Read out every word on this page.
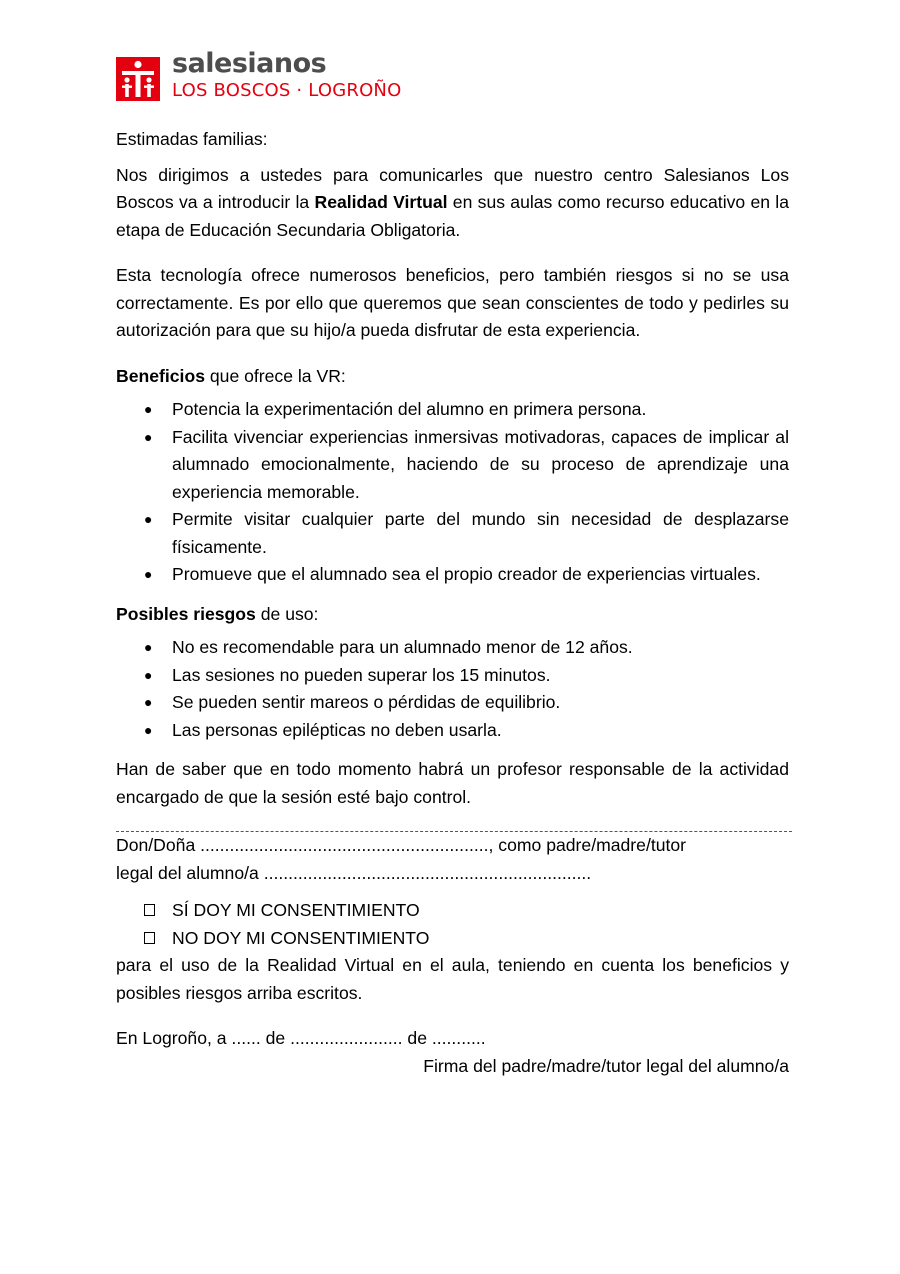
salesianos
LOS BOSCOS · LOGROÑO

Estimadas familias:

Nos dirigimos a ustedes para comunicarles que nuestro centro Salesianos Los Boscos va a introducir la Realidad Virtual en sus aulas como recurso educativo en la etapa de Educación Secundaria Obligatoria.

Esta tecnología ofrece numerosos beneficios, pero también riesgos si no se usa correctamente. Es por ello que queremos que sean conscientes de todo y pedirles su autorización para que su hijo/a pueda disfrutar de esta experiencia.

Beneficios que ofrece la VR:

● Potencia la experimentación del alumno en primera persona.
● Facilita vivenciar experiencias inmersivas motivadoras, capaces de implicar al alumnado emocionalmente, haciendo de su proceso de aprendizaje una experiencia memorable.
● Permite visitar cualquier parte del mundo sin necesidad de desplazarse físicamente.
● Promueve que el alumnado sea el propio creador de experiencias virtuales.

Posibles riesgos de uso:

● No es recomendable para un alumnado menor de 12 años.
● Las sesiones no pueden superar los 15 minutos.
● Se pueden sentir mareos o pérdidas de equilibrio.
● Las personas epilépticas no deben usarla.

Han de saber que en todo momento habrá un profesor responsable de la actividad encargado de que la sesión esté bajo control.

Don/Doña ..........................................................., como padre/madre/tutor

legal del alumno/a ...................................................................

SÍ DOY MI CONSENTIMIENTO
NO DOY MI CONSENTIMIENTO

para el uso de la Realidad Virtual en el aula, teniendo en cuenta los beneficios y posibles riesgos arriba escritos.

En Logroño, a ...... de ....................... de ...........

Firma del padre/madre/tutor legal del alumno/a
